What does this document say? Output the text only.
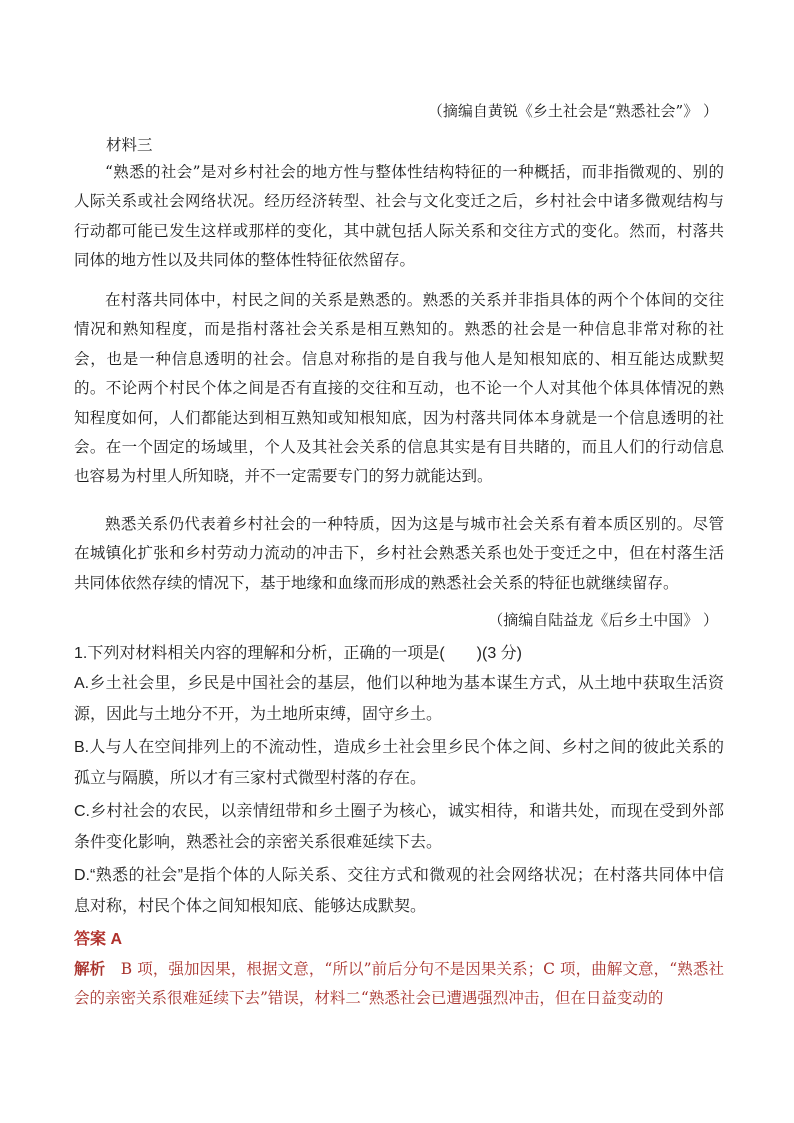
（摘编自黄锐《乡土社会是“熟悉社会”》 ）
材料三
“熟悉的社会”是对乡村社会的地方性与整体性结构特征的一种概括，而非指微观的、别的人际关系或社会网络状况。经历经济转型、社会与文化变迁之后，乡村社会中诸多微观结构与行动都可能已发生这样或那样的变化，其中就包括人际关系和交往方式的变化。然而，村落共同体的地方性以及共同体的整体性特征依然留存。
在村落共同体中，村民之间的关系是熟悉的。熟悉的关系并非指具体的两个个体间的交往情况和熟知程度，而是指村落社会关系是相互熟知的。熟悉的社会是一种信息非常对称的社会，也是一种信息透明的社会。信息对称指的是自我与他人是知根知底的、相互能达成默契的。不论两个村民个体之间是否有直接的交往和互动，也不论一个人对其他个体具体情况的熟知程度如何，人们都能达到相互熟知或知根知底，因为村落共同体本身就是一个信息透明的社会。在一个固定的场域里，个人及其社会关系的信息其实是有目共睹的，而且人们的行动信息也容易为村里人所知晓，并不一定需要专门的努力就能达到。
熟悉关系仍代表着乡村社会的一种特质，因为这是与城市社会关系有着本质区别的。尽管在城镇化扩张和乡村劳动力流动的冲击下，乡村社会熟悉关系也处于变迁之中，但在村落生活共同体依然存续的情况下，基于地缘和血缘而形成的熟悉社会关系的特征也就继续留存。
（摘编自陆益龙《后乡土中国》 ）
1.下列对材料相关内容的理解和分析，正确的一项是(　　)(3 分)
A.乡土社会里，乡民是中国社会的基层，他们以种地为基本谋生方式，从土地中获取生活资源，因此与土地分不开，为土地所束缚，固守乡土。
B.人与人在空间排列上的不流动性，造成乡土社会里乡民个体之间、乡村之间的彼此关系的孤立与隔膜，所以才有三家村式微型村落的存在。
C.乡村社会的农民，以亲情纽带和乡土圈子为核心，诚实相待，和谐共处，而现在受到外部条件变化影响，熟悉社会的亲密关系很难延续下去。
D.“熟悉的社会”是指个体的人际关系、交往方式和微观的社会网络状况；在村落共同体中信息对称，村民个体之间知根知底、能够达成默契。
答案 A
解析　B 项，强加因果，根据文意，“所以”前后分句不是因果关系；C 项，曲解文意，“熟悉社会的亲密关系很难延续下去”错误，材料二“熟悉社会已遭遇强烈冲击，但在日益变动的
